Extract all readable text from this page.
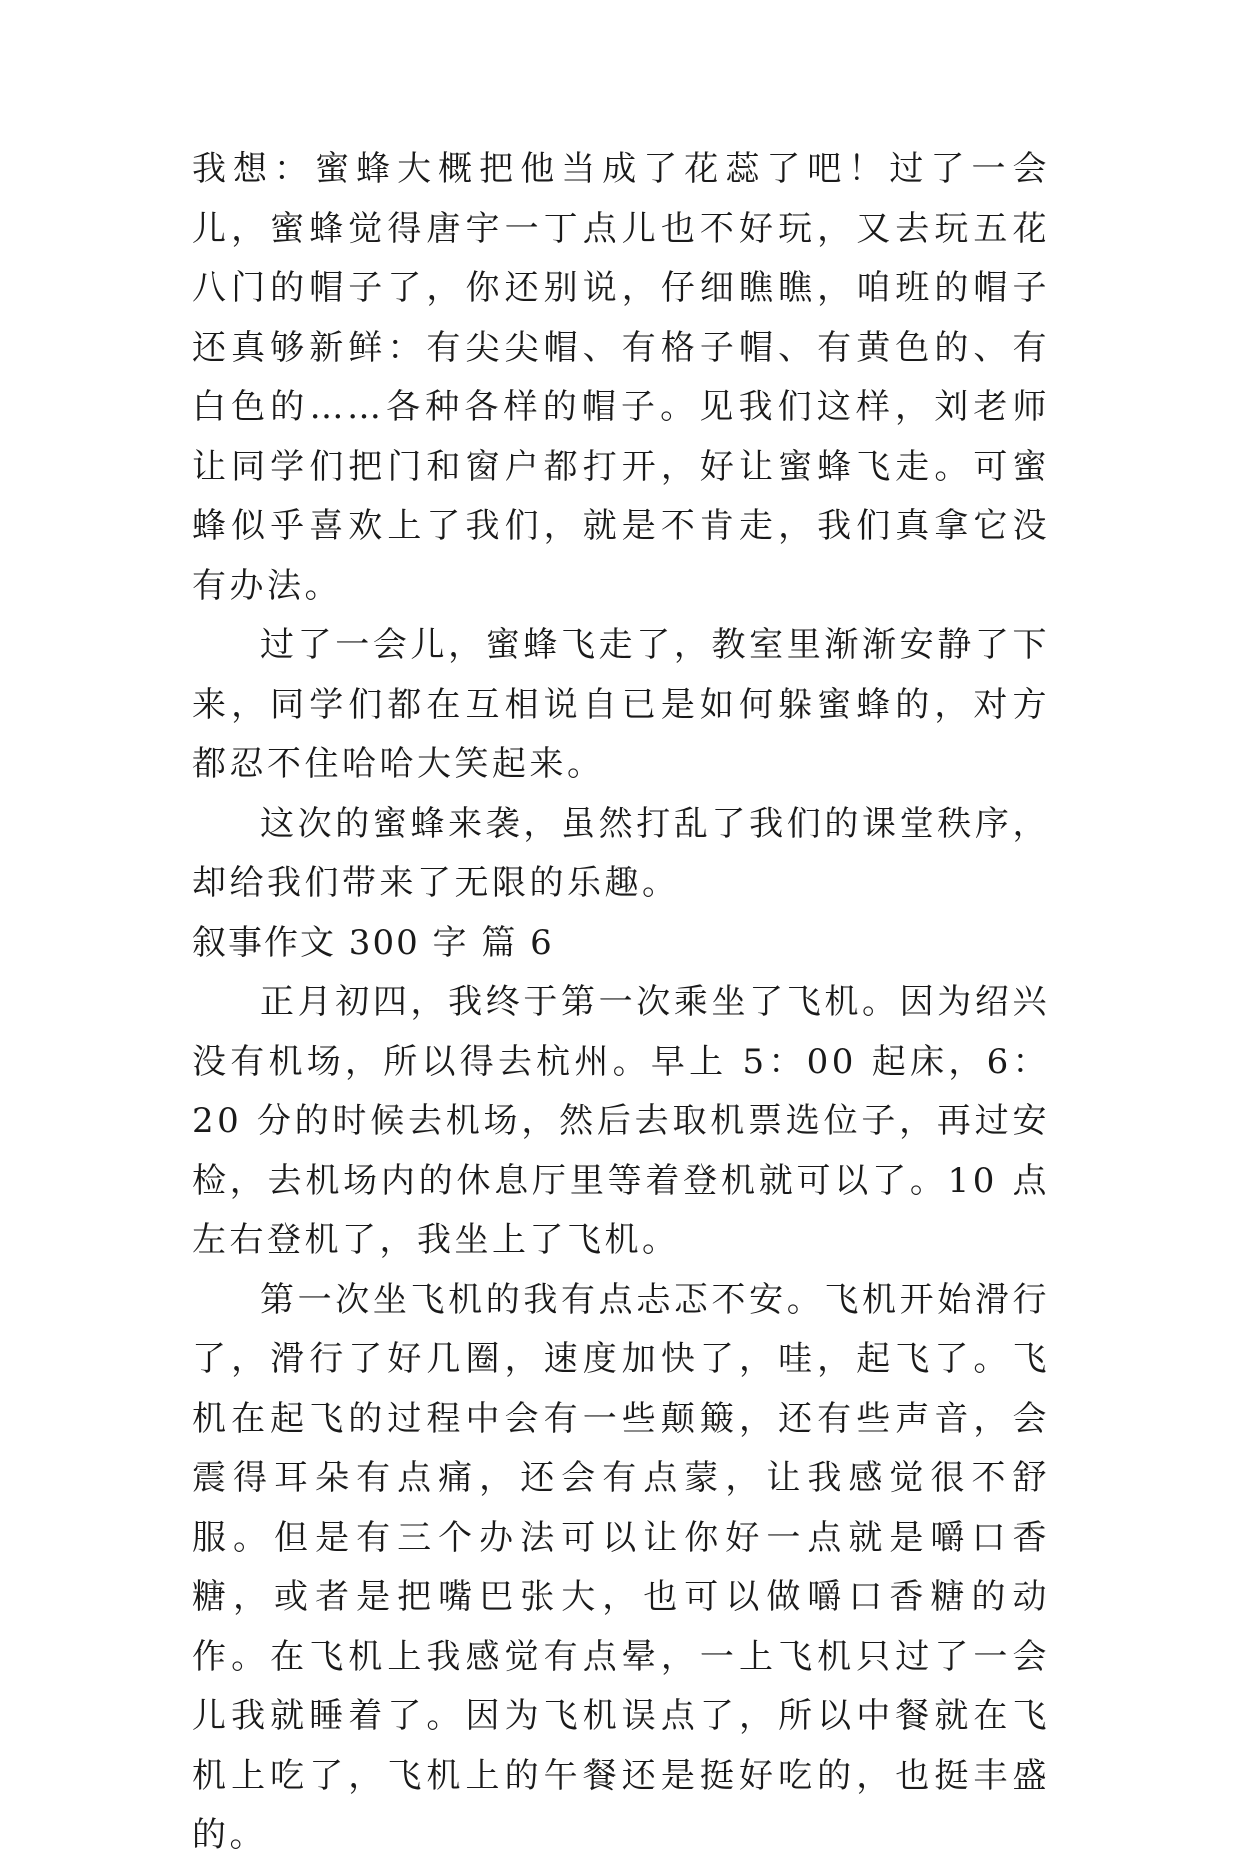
我想：蜜蜂大概把他当成了花蕊了吧！过了一会儿，蜜蜂觉得唐宇一丁点儿也不好玩，又去玩五花八门的帽子了，你还别说，仔细瞧瞧，咱班的帽子还真够新鲜：有尖尖帽、有格子帽、有黄色的、有白色的……各种各样的帽子。见我们这样，刘老师让同学们把门和窗户都打开，好让蜜蜂飞走。可蜜蜂似乎喜欢上了我们，就是不肯走，我们真拿它没有办法。

过了一会儿，蜜蜂飞走了，教室里渐渐安静了下来，同学们都在互相说自已是如何躲蜜蜂的，对方都忍不住哈哈大笑起来。

这次的蜜蜂来袭，虽然打乱了我们的课堂秩序，却给我们带来了无限的乐趣。

叙事作文 300 字 篇 6

正月初四，我终于第一次乘坐了飞机。因为绍兴没有机场，所以得去杭州。早上 5：00 起床，6：20 分的时候去机场，然后去取机票选位子，再过安检，去机场内的休息厅里等着登机就可以了。10 点左右登机了，我坐上了飞机。

第一次坐飞机的我有点忐忑不安。飞机开始滑行了，滑行了好几圈，速度加快了，哇，起飞了。飞机在起飞的过程中会有一些颠簸，还有些声音，会震得耳朵有点痛，还会有点蒙，让我感觉很不舒服。但是有三个办法可以让你好一点就是嚼口香糖，或者是把嘴巴张大，也可以做嚼口香糖的动作。在飞机上我感觉有点晕，一上飞机只过了一会儿我就睡着了。因为飞机误点了，所以中餐就在飞机上吃了，飞机上的午餐还是挺好吃的，也挺丰盛的。
